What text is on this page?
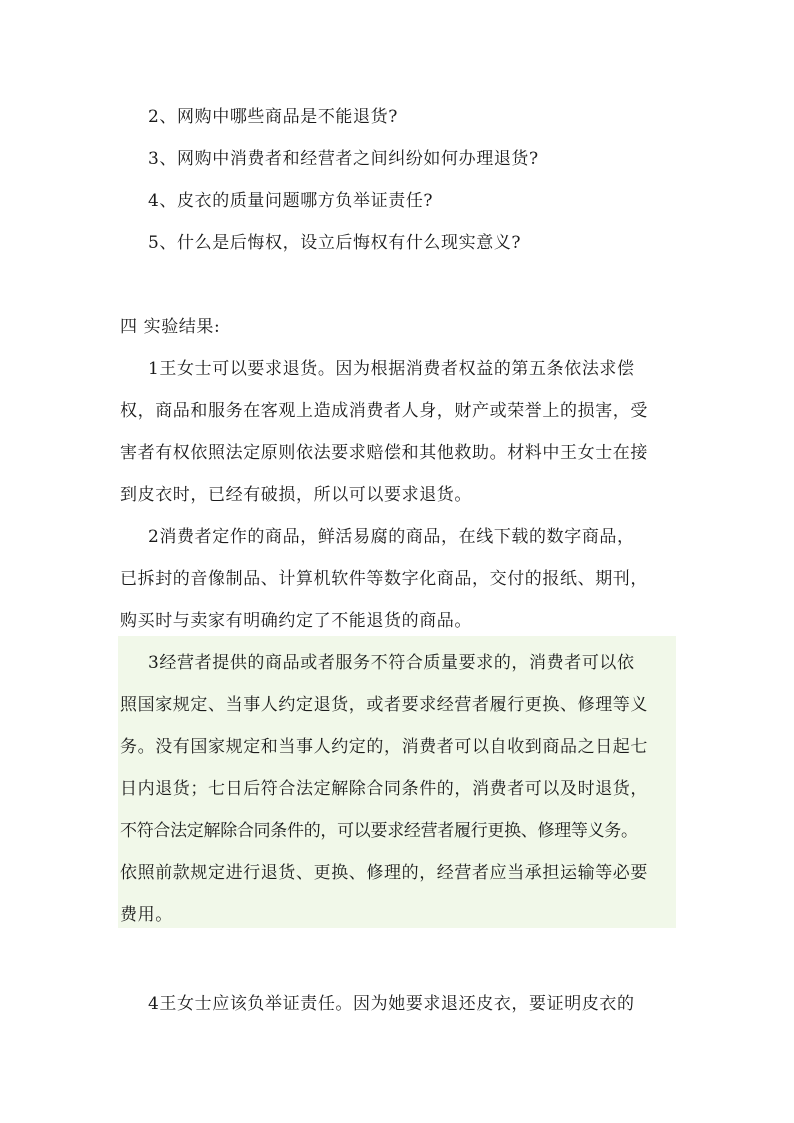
2、网购中哪些商品是不能退货?
3、网购中消费者和经营者之间纠纷如何办理退货?
4、皮衣的质量问题哪方负举证责任?
5、什么是后悔权，设立后悔权有什么现实意义?
四 实验结果:
1王女士可以要求退货。因为根据消费者权益的第五条依法求偿
权，商品和服务在客观上造成消费者人身，财产或荣誉上的损害，受
害者有权依照法定原则依法要求赔偿和其他救助。材料中王女士在接
到皮衣时，已经有破损，所以可以要求退货。
2消费者定作的商品，鲜活易腐的商品，在线下载的数字商品，
已拆封的音像制品、计算机软件等数字化商品，交付的报纸、期刊，
购买时与卖家有明确约定了不能退货的商品。
3经营者提供的商品或者服务不符合质量要求的，消费者可以依
照国家规定、当事人约定退货，或者要求经营者履行更换、修理等义
务。没有国家规定和当事人约定的，消费者可以自收到商品之日起七
日内退货；七日后符合法定解除合同条件的，消费者可以及时退货，
不符合法定解除合同条件的，可以要求经营者履行更换、修理等义务。
依照前款规定进行退货、更换、修理的，经营者应当承担运输等必要
费用。
4王女士应该负举证责任。因为她要求退还皮衣，要证明皮衣的
